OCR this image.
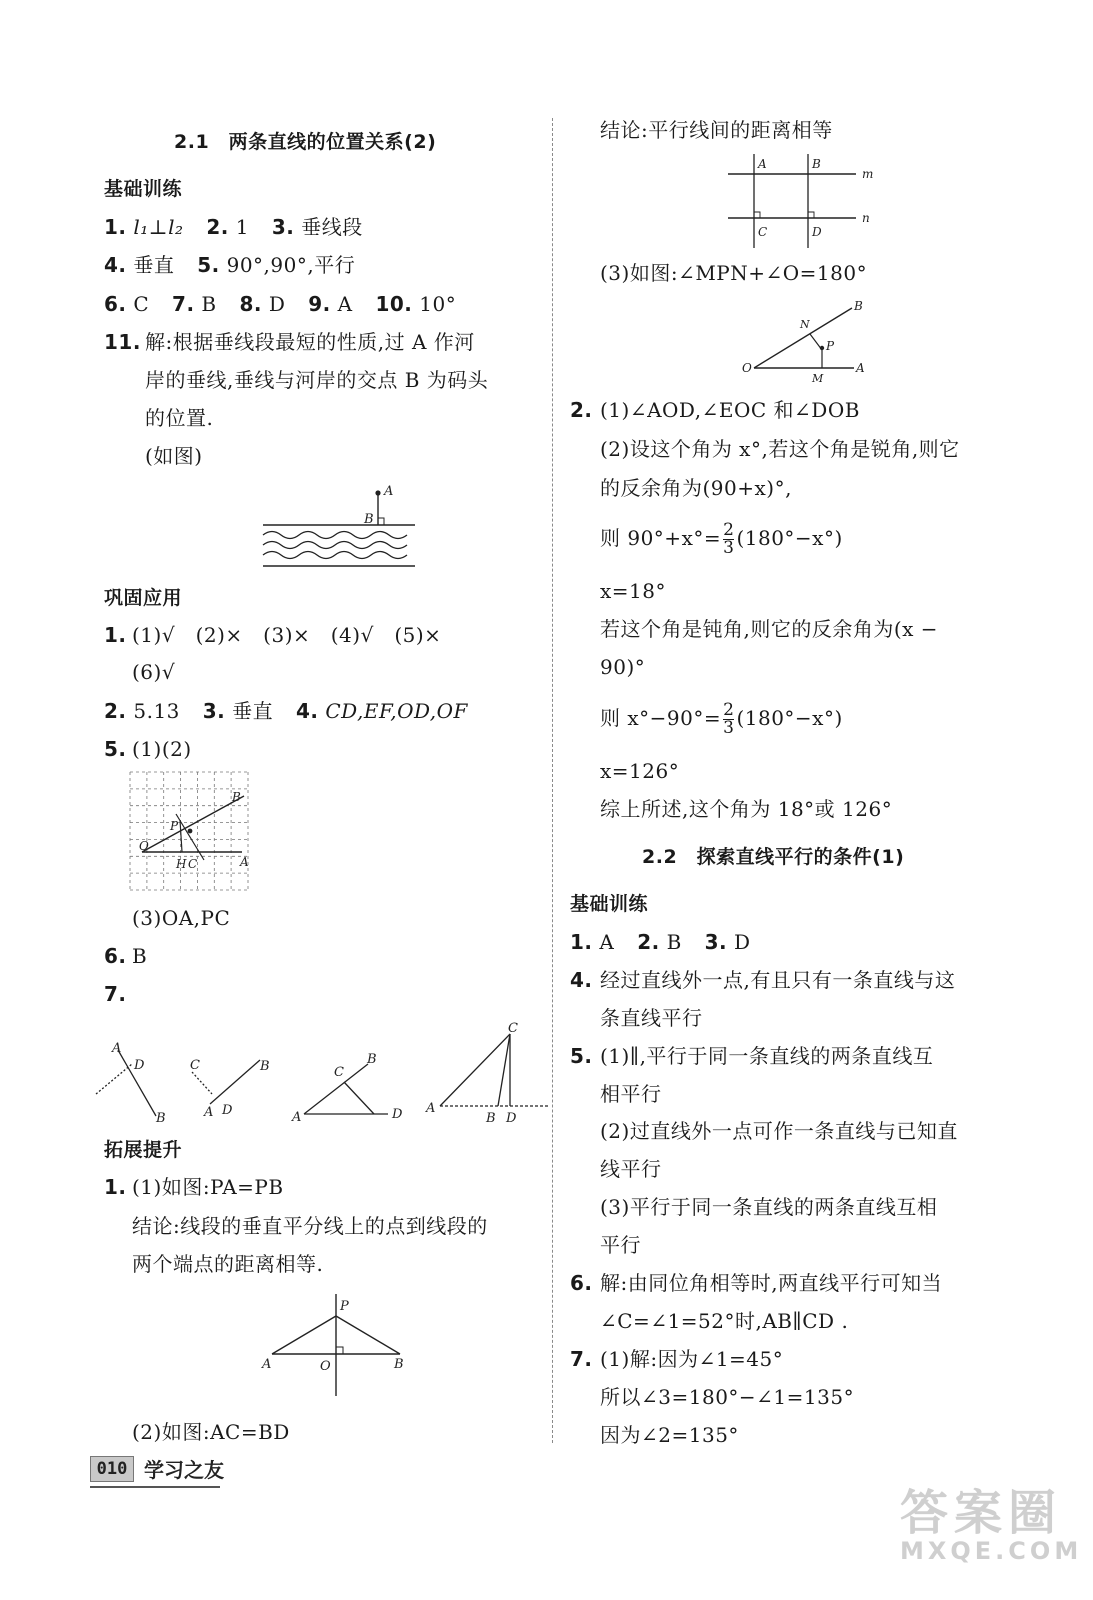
2.1　两条直线的位置关系(2)
基础训练
1. l₁⊥l₂ 2. 1 3. 垂线段
4. 垂直 5. 90°,90°,平行
6. C 7. B 8. D 9. A 10. 10°
11. 解:根据垂线段最短的性质,过 A 作河
岸的垂线,垂线与河岸的交点 B 为码头
的位置.
(如图)
A
B
巩固应用
1. (1)√　(2)×　(3)×　(4)√　(5)×
(6)√
2. 5.13 3. 垂直 4. CD,EF,OD,OF
5. (1)(2)
O
P
H C	A
B
(3)OA,PC
6. B
7.
A
D
B
C	B
A D
C
B
A	D
C
A
B D
拓展提升
1. (1)如图:PA=PB
结论:线段的垂直平分线上的点到线段的
两个端点的距离相等.
P
A	O	B
(2)如图:AC=BD
结论:平行线间的距离相等
A	B
m
C	D
n
(3)如图:∠MPN+∠O=180°
B
N
P
O
M
A
2. (1)∠AOD,∠EOC 和∠DOB
(2)设这个角为 x°,若这个角是锐角,则它
的反余角为(90+x)°,
则 $90^\circ+x^\circ= \frac{2}{3} (180^\circ-x^\circ)$
x=18°
若这个角是钝角,则它的反余角为(x −
90)°
则 $x^\circ-90^\circ= \frac{2}{3} (180^\circ-x^\circ)$
x=126°
综上所述,这个角为 18°或 126°
2.2　探索直线平行的条件(1)
基础训练
1. A 2. B 3. D
4. 经过直线外一点,有且只有一条直线与这
条直线平行
5. (1)∥,平行于同一条直线的两条直线互
相平行
(2)过直线外一点可作一条直线与已知直
线平行
(3)平行于同一条直线的两条直线互相
平行
6. 解:由同位角相等时,两直线平行可知当
∠C=∠1=52°时,AB∥CD .
7. (1)解:因为∠1=45°
所以∠3=180°−∠1=135°
因为∠2=135°
010 学习之友
答案圈
MXQE.COM
